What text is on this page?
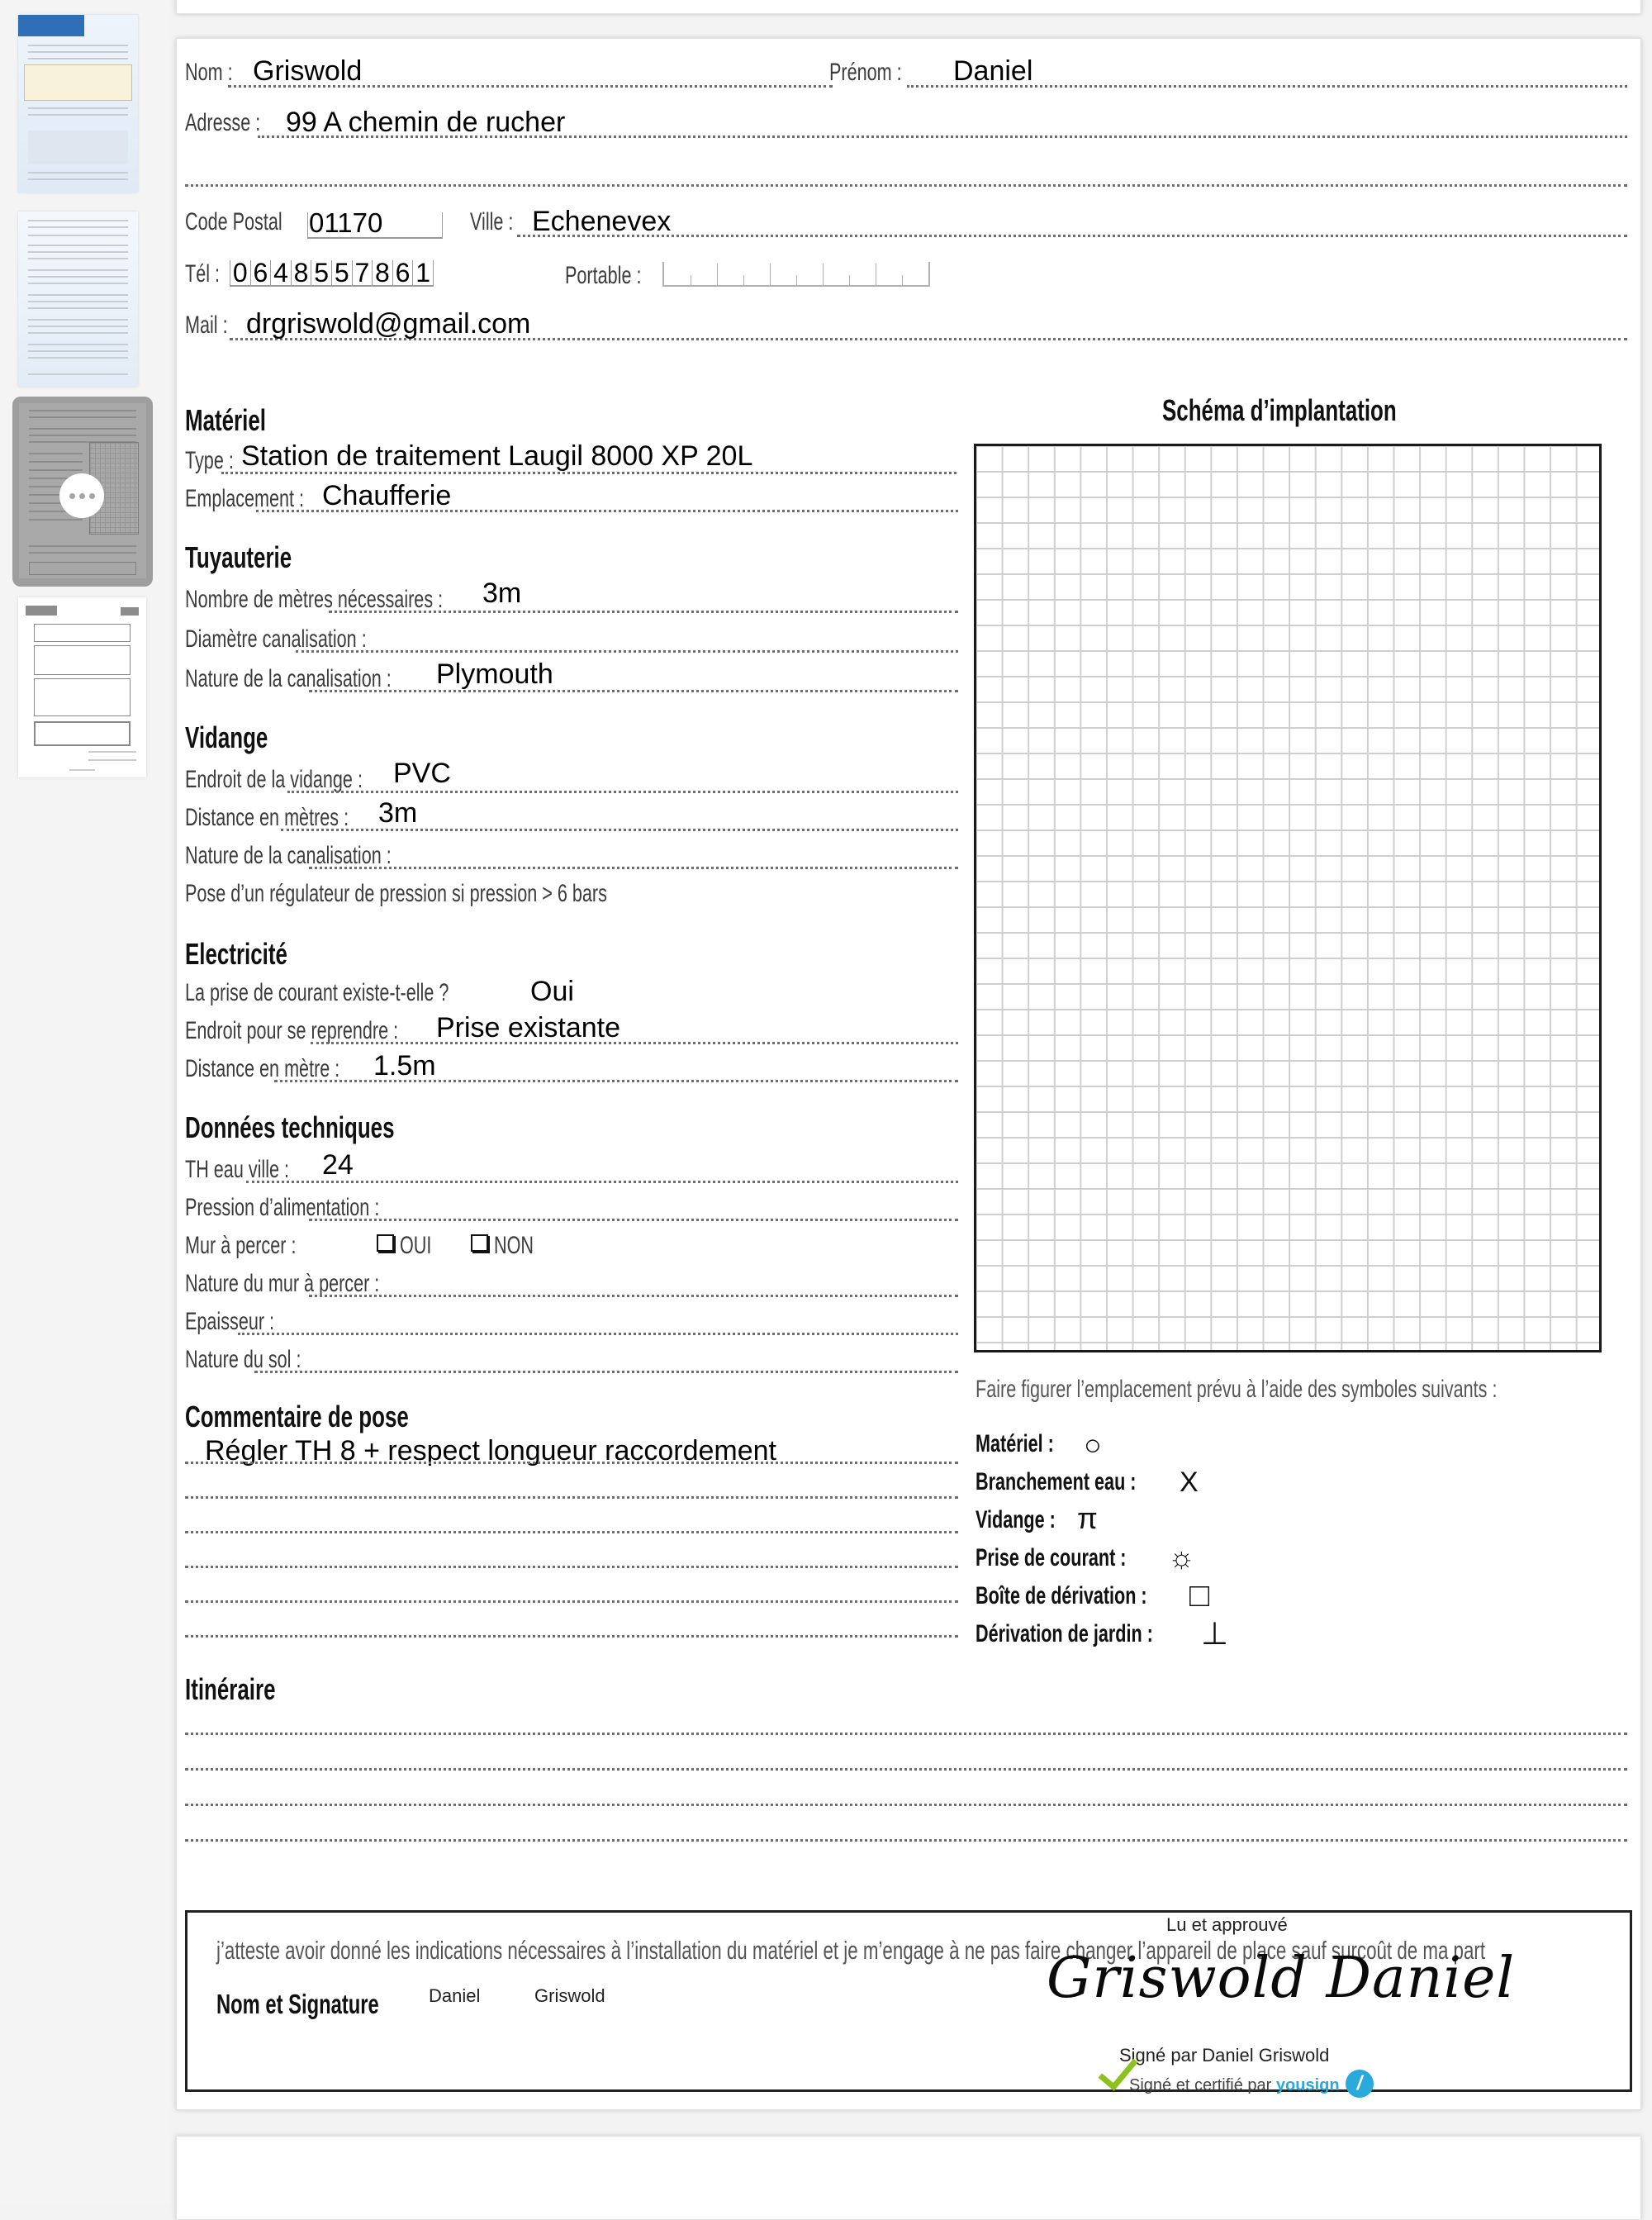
Nom : Griswold	Prénom : Daniel
Adresse : 99 A chemin de rucher
Code Postal 01170	Ville : Echenevex
Tél : 0 6 4 8 5 5 7 8 6 1	Portable :
Mail : drgriswold@gmail.com
Matériel
Type : Station de traitement Laugil 8000 XP 20L
Emplacement : Chaufferie
Tuyauterie
Nombre de mètres nécessaires : 3m
Diamètre canalisation :
Nature de la canalisation : Plymouth
Vidange
Endroit de la vidange : PVC
Distance en mètres : 3m
Nature de la canalisation :
Pose d’un régulateur de pression si pression > 6 bars
Electricité
La prise de courant existe-t-elle ?	Oui
Endroit pour se reprendre : Prise existante
Distance en mètre : 1.5m
Données techniques
TH eau ville : 24
Pression d’alimentation :
Mur à percer :	OUI	NON
Nature du mur à percer :
Epaisseur :
Nature du sol :
Commentaire de pose
Régler TH 8 + respect longueur raccordement
Schéma d’implantation
Faire figurer l’emplacement prévu à l’aide des symboles suivants :
Matériel : ○
Branchement eau : X
Vidange : π
Prise de courant : ☼
Boîte de dérivation : □
Dérivation de jardin : ⊥
Itinéraire
Lu et approuvé
j’atteste avoir donné les indications nécessaires à l’installation du matériel et je m’engage à ne pas faire changer l’appareil de place sauf surcoût de ma part
Nom et Signature	Daniel	Griswold	Griswold Daniel
Signé par Daniel Griswold
Signé et certifié par yousign /
